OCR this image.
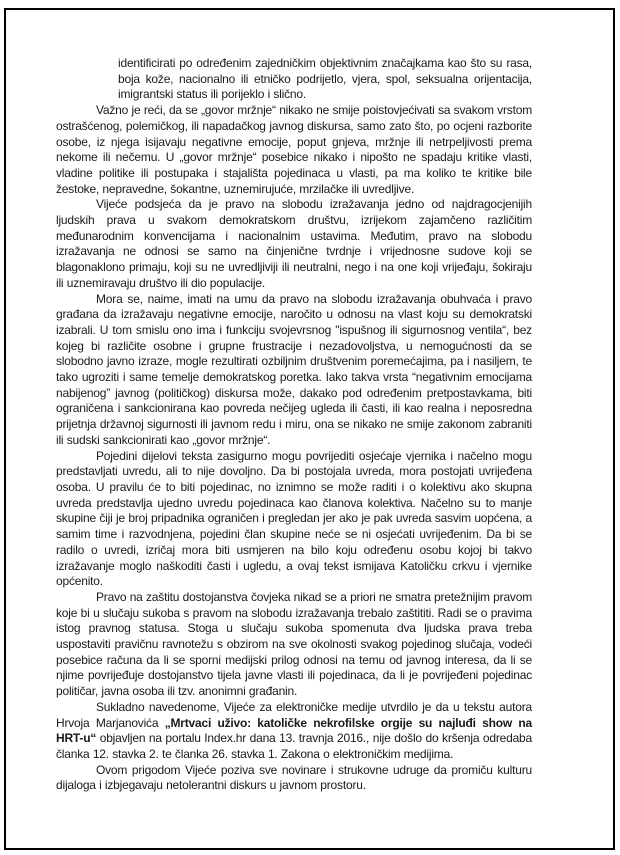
identificirati po određenim zajedničkim objektivnim značajkama kao što su rasa, boja kože, nacionalno ili etničko podrijetlo, vjera, spol, seksualna orijentacija, imigrantski status ili porijeklo i slično.

Važno je reći, da se „govor mržnje“ nikako ne smije poistovjećivati sa svakom vrstom ostrašćenog, polemičkog, ili napadačkog javnog diskursa, samo zato što, po ocjeni razborite osobe, iz njega isijavaju negativne emocije, poput gnjeva, mržnje ili netrpeljivosti prema nekome ili nečemu. U „govor mržnje“ posebice nikako i nipošto ne spadaju kritike vlasti, vladine politike ili postupaka i stajališta pojedinaca u vlasti, pa ma koliko te kritike bile žestoke, nepravedne, šokantne, uznemirujuće, mrzilačke ili uvredljive.

Vijeće podsjeća da je pravo na slobodu izražavanja jedno od najdragocjenijih ljudskih prava u svakom demokratskom društvu, izrijekom zajamčeno različitim međunarodnim konvencijama i nacionalnim ustavima. Međutim, pravo na slobodu izražavanja ne odnosi se samo na činjenične tvrdnje i vrijednosne sudove koji se blagonaklono primaju, koji su ne uvredljiviji ili neutralni, nego i na one koji vrijeđaju, šokiraju ili uznemiravaju društvo ili dio populacije.

Mora se, naime, imati na umu da pravo na slobodu izražavanja obuhvaća i pravo građana da izražavaju negativne emocije, naročito u odnosu na vlast koju su demokratski izabrali. U tom smislu ono ima i funkciju svojevrsnog "ispušnog ili sigurnosnog ventila“, bez kojeg bi različite osobne i grupne frustracije i nezadovoljstva, u nemogućnosti da se slobodno javno izraze, mogle rezultirati ozbiljnim društvenim poremećajima, pa i nasiljem, te tako ugroziti i same temelje demokratskog poretka. Iako takva vrsta “negativnim emocijama nabijenog” javnog (političkog) diskursa može, dakako pod određenim pretpostavkama, biti ograničena i sankcionirana kao povreda nečijeg ugleda ili časti, ili kao realna i neposredna prijetnja državnoj sigurnosti ili javnom redu i miru, ona se nikako ne smije zakonom zabraniti ili sudski sankcionirati kao „govor mržnje“.

Pojedini dijelovi teksta zasigurno mogu povrijediti osjećaje vjernika i načelno mogu predstavljati uvredu, ali to nije dovoljno. Da bi postojala uvreda, mora postojati uvrijeđena osoba. U pravilu će to biti pojedinac, no iznimno se može raditi i o kolektivu ako skupna uvreda predstavlja ujedno uvredu pojedinaca kao članova kolektiva. Načelno su to manje skupine čiji je broj pripadnika ograničen i pregledan jer ako je pak uvreda sasvim uopćena, a samim time i razvodnjena, pojedini član skupine neće se ni osjećati uvrijeđenim. Da bi se radilo o uvredi, izričaj mora biti usmjeren na bilo koju određenu osobu kojoj bi takvo izražavanje moglo naškoditi časti i ugledu, a ovaj tekst ismijava Katoličku crkvu i vjernike općenito.

Pravo na zaštitu dostojanstva čovjeka nikad se a priori ne smatra pretežnijim pravom koje bi u slučaju sukoba s pravom na slobodu izražavanja trebalo zaštititi. Radi se o pravima istog pravnog statusa. Stoga u slučaju sukoba spomenuta dva ljudska prava treba uspostaviti pravičnu ravnotežu s obzirom na sve okolnosti svakog pojedinog slučaja, vodeći posebice računa da li se sporni medijski prilog odnosi na temu od javnog interesa, da li se njime povrijeđuje dostojanstvo tijela javne vlasti ili pojedinaca, da li je povrijeđeni pojedinac političar, javna osoba ili tzv. anonimni građanin.

Sukladno navedenome, Vijeće za elektroničke medije utvrdilo je da u tekstu autora Hrvoja Marjanovića „Mrtvaci uživo: katoličke nekrofilske orgije su najluđi show na HRT-u“ objavljen na portalu Index.hr dana 13. travnja 2016., nije došlo do kršenja odredaba članka 12. stavka 2. te članka 26. stavka 1. Zakona o elektroničkim medijima.

Ovom prigodom Vijeće poziva sve novinare i strukovne udruge da promiču kulturu dijaloga i izbjegavaju netolerantni diskurs u javnom prostoru.
